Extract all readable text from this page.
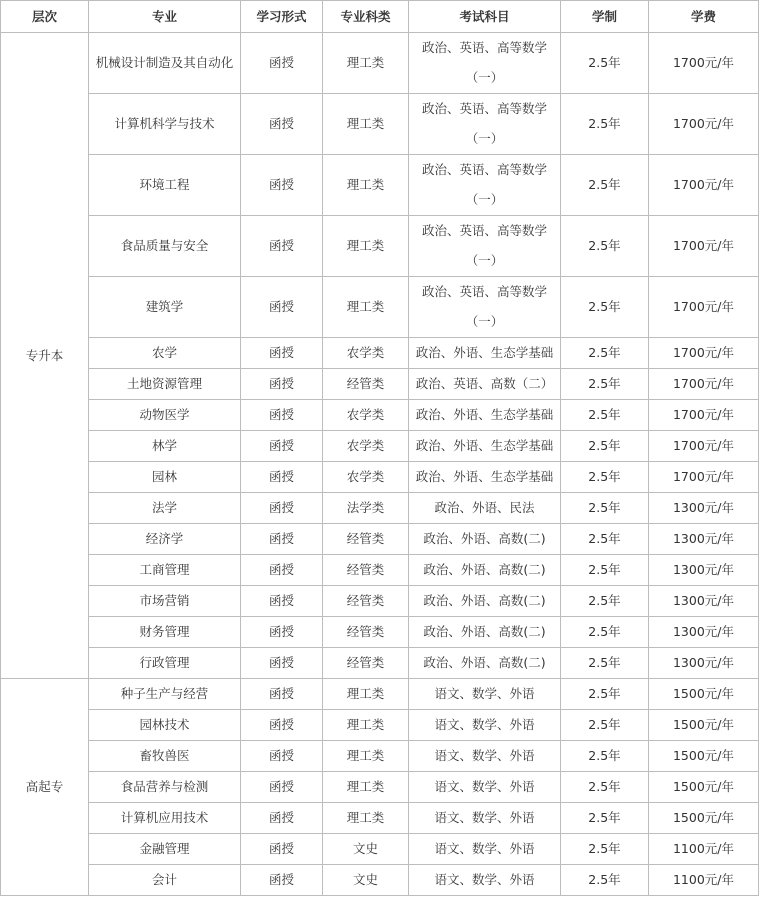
层次	专业	学习形式	专业科类	考试科目	学制	学费
专升本	机械设计制造及其自动化	函授	理工类	政治、英语、高等数学（一）	2.5年	1700元/年
	计算机科学与技术	函授	理工类	政治、英语、高等数学（一）	2.5年	1700元/年
	环境工程	函授	理工类	政治、英语、高等数学（一）	2.5年	1700元/年
	食品质量与安全	函授	理工类	政治、英语、高等数学（一）	2.5年	1700元/年
	建筑学	函授	理工类	政治、英语、高等数学（一）	2.5年	1700元/年
	农学	函授	农学类	政治、外语、生态学基础	2.5年	1700元/年
	土地资源管理	函授	经管类	政治、英语、高数（二）	2.5年	1700元/年
	动物医学	函授	农学类	政治、外语、生态学基础	2.5年	1700元/年
	林学	函授	农学类	政治、外语、生态学基础	2.5年	1700元/年
	园林	函授	农学类	政治、外语、生态学基础	2.5年	1700元/年
	法学	函授	法学类	政治、外语、民法	2.5年	1300元/年
	经济学	函授	经管类	政治、外语、高数(二)	2.5年	1300元/年
	工商管理	函授	经管类	政治、外语、高数(二)	2.5年	1300元/年
	市场营销	函授	经管类	政治、外语、高数(二)	2.5年	1300元/年
	财务管理	函授	经管类	政治、外语、高数(二)	2.5年	1300元/年
	行政管理	函授	经管类	政治、外语、高数(二)	2.5年	1300元/年
高起专	种子生产与经营	函授	理工类	语文、数学、外语	2.5年	1500元/年
	园林技术	函授	理工类	语文、数学、外语	2.5年	1500元/年
	畜牧兽医	函授	理工类	语文、数学、外语	2.5年	1500元/年
	食品营养与检测	函授	理工类	语文、数学、外语	2.5年	1500元/年
	计算机应用技术	函授	理工类	语文、数学、外语	2.5年	1500元/年
	金融管理	函授	文史	语文、数学、外语	2.5年	1100元/年
	会计	函授	文史	语文、数学、外语	2.5年	1100元/年
